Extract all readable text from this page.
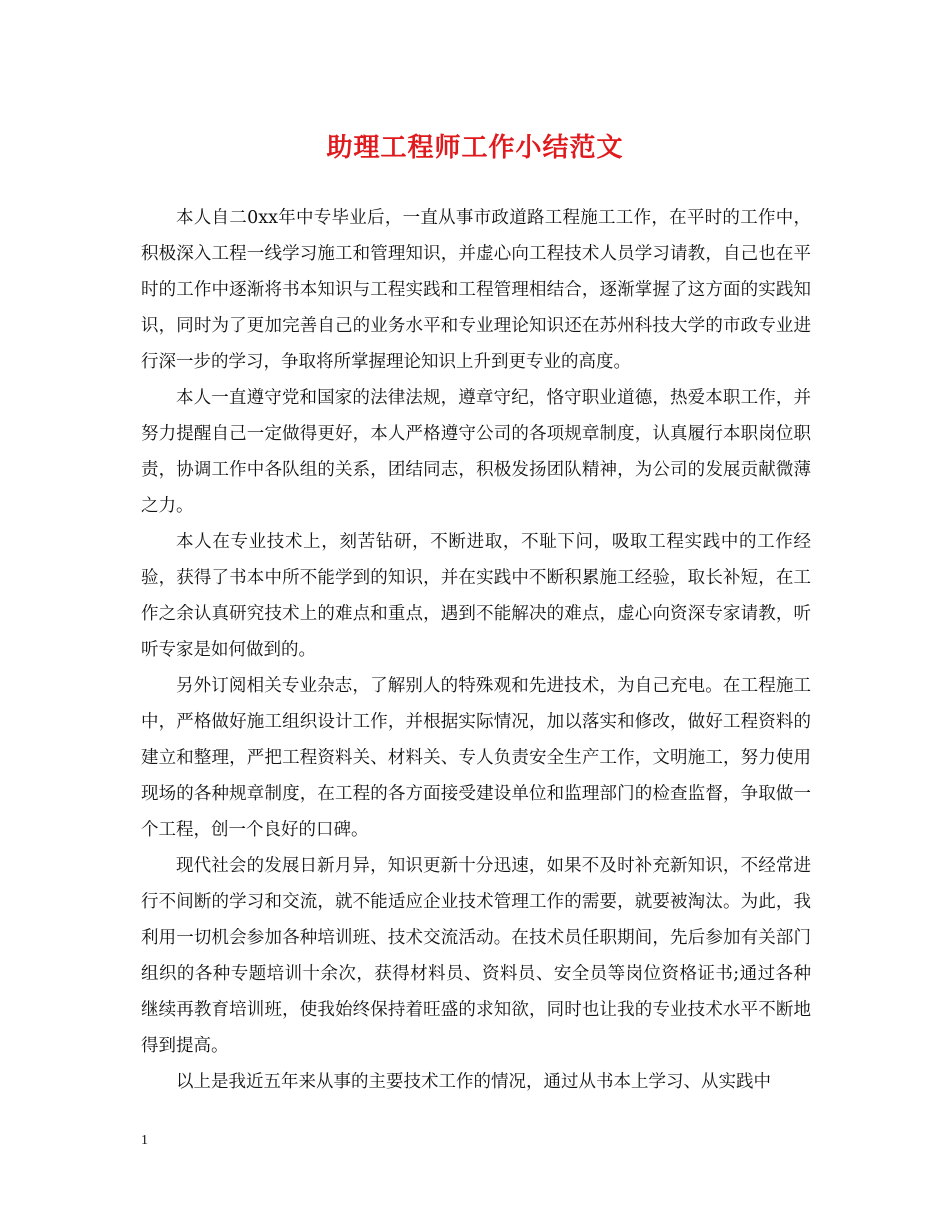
助理工程师工作小结范文

本人自二0xx年中专毕业后，一直从事市政道路工程施工工作，在平时的工作中，积极深入工程一线学习施工和管理知识，并虚心向工程技术人员学习请教，自己也在平时的工作中逐渐将书本知识与工程实践和工程管理相结合，逐渐掌握了这方面的实践知识，同时为了更加完善自己的业务水平和专业理论知识还在苏州科技大学的市政专业进行深一步的学习，争取将所掌握理论知识上升到更专业的高度。

本人一直遵守党和国家的法律法规，遵章守纪，恪守职业道德，热爱本职工作，并努力提醒自己一定做得更好，本人严格遵守公司的各项规章制度，认真履行本职岗位职责，协调工作中各队组的关系，团结同志，积极发扬团队精神，为公司的发展贡献微薄之力。

本人在专业技术上，刻苦钻研，不断进取，不耻下问，吸取工程实践中的工作经验，获得了书本中所不能学到的知识，并在实践中不断积累施工经验，取长补短，在工作之余认真研究技术上的难点和重点，遇到不能解决的难点，虚心向资深专家请教，听听专家是如何做到的。

另外订阅相关专业杂志，了解别人的特殊观和先进技术，为自己充电。在工程施工中，严格做好施工组织设计工作，并根据实际情况，加以落实和修改，做好工程资料的建立和整理，严把工程资料关、材料关、专人负责安全生产工作，文明施工，努力使用现场的各种规章制度，在工程的各方面接受建设单位和监理部门的检查监督，争取做一个工程，创一个良好的口碑。

现代社会的发展日新月异，知识更新十分迅速，如果不及时补充新知识，不经常进行不间断的学习和交流，就不能适应企业技术管理工作的需要，就要被淘汰。为此，我利用一切机会参加各种培训班、技术交流活动。在技术员任职期间，先后参加有关部门组织的各种专题培训十余次，获得材料员、资料员、安全员等岗位资格证书;通过各种继续再教育培训班，使我始终保持着旺盛的求知欲，同时也让我的专业技术水平不断地得到提高。

以上是我近五年来从事的主要技术工作的情况，通过从书本上学习、从实践中

1
